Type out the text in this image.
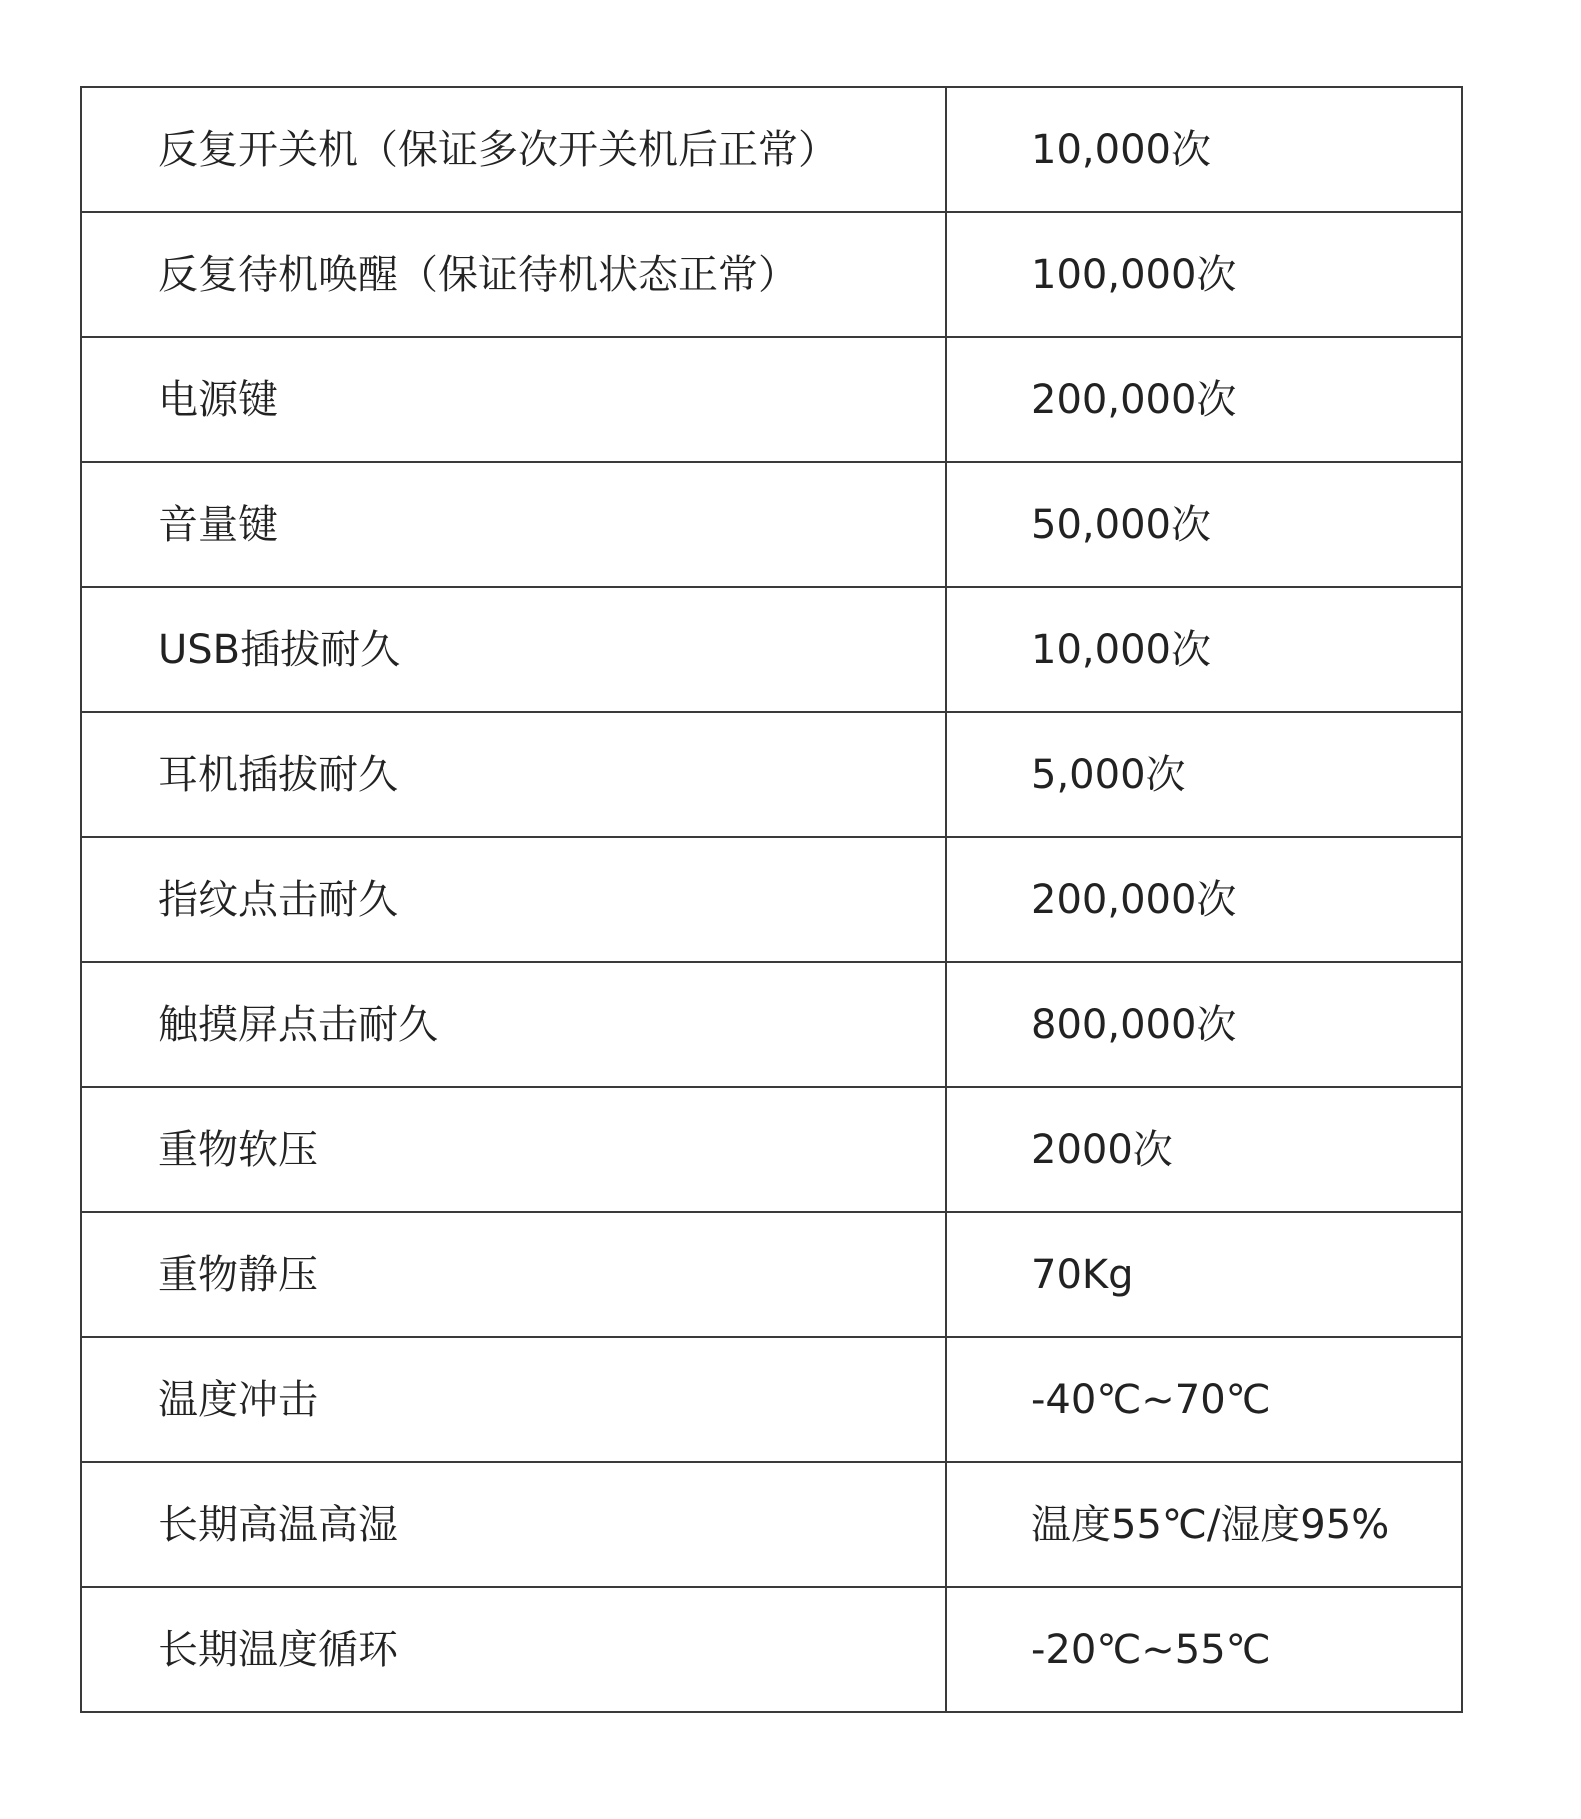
反复开关机（保证多次开关机后正常）	10,000次
反复待机唤醒（保证待机状态正常）	100,000次
电源键	200,000次
音量键	50,000次
USB插拔耐久	10,000次
耳机插拔耐久	5,000次
指纹点击耐久	200,000次
触摸屏点击耐久	800,000次
重物软压	2000次
重物静压	70Kg
温度冲击	-40℃~70℃
长期高温高湿	温度55℃/湿度95%
长期温度循环	-20℃~55℃
